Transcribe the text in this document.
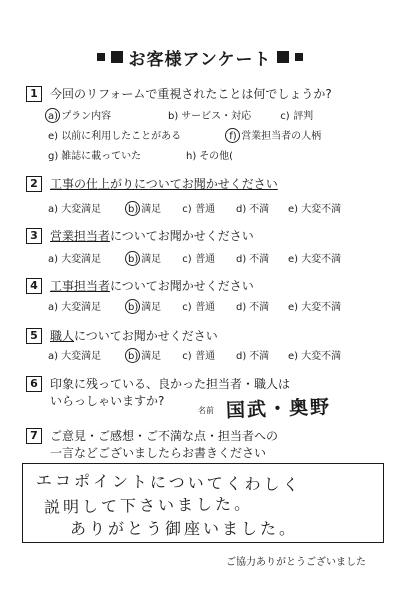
お客様アンケート
1	今回のリフォームで重視されたことは何でしょうか?
a) プラン内容	b) サービス・対応	c) 評判
e) 以前に利用したことがある	f) 営業担当者の人柄
g) 雑誌に載っていた	h) その他(
2	工事の仕上がりについてお聞かせください
a) 大変満足	b) 満足 c) 普通 d) 不満 e) 大変不満
3	営業担当者についてお聞かせください
a) 大変満足	b) 満足 c) 普通 d) 不満 e) 大変不満
4	工事担当者についてお聞かせください
a) 大変満足	b) 満足 c) 普通 d) 不満 e) 大変不満
5	職人についてお聞かせください
a) 大変満足	b) 満足 c) 普通 d) 不満 e) 大変不満
6	印象に残っている、良かった担当者・職人は
いらっしゃいますか?
名前 国武・奥野
7	ご意見・ご感想・ご不満な点・担当者への
一言などございましたらお書きください
エコポイントについてくわしく
説明して下さいました。
ありがとう御座いました。
ご協力ありがとうございました
